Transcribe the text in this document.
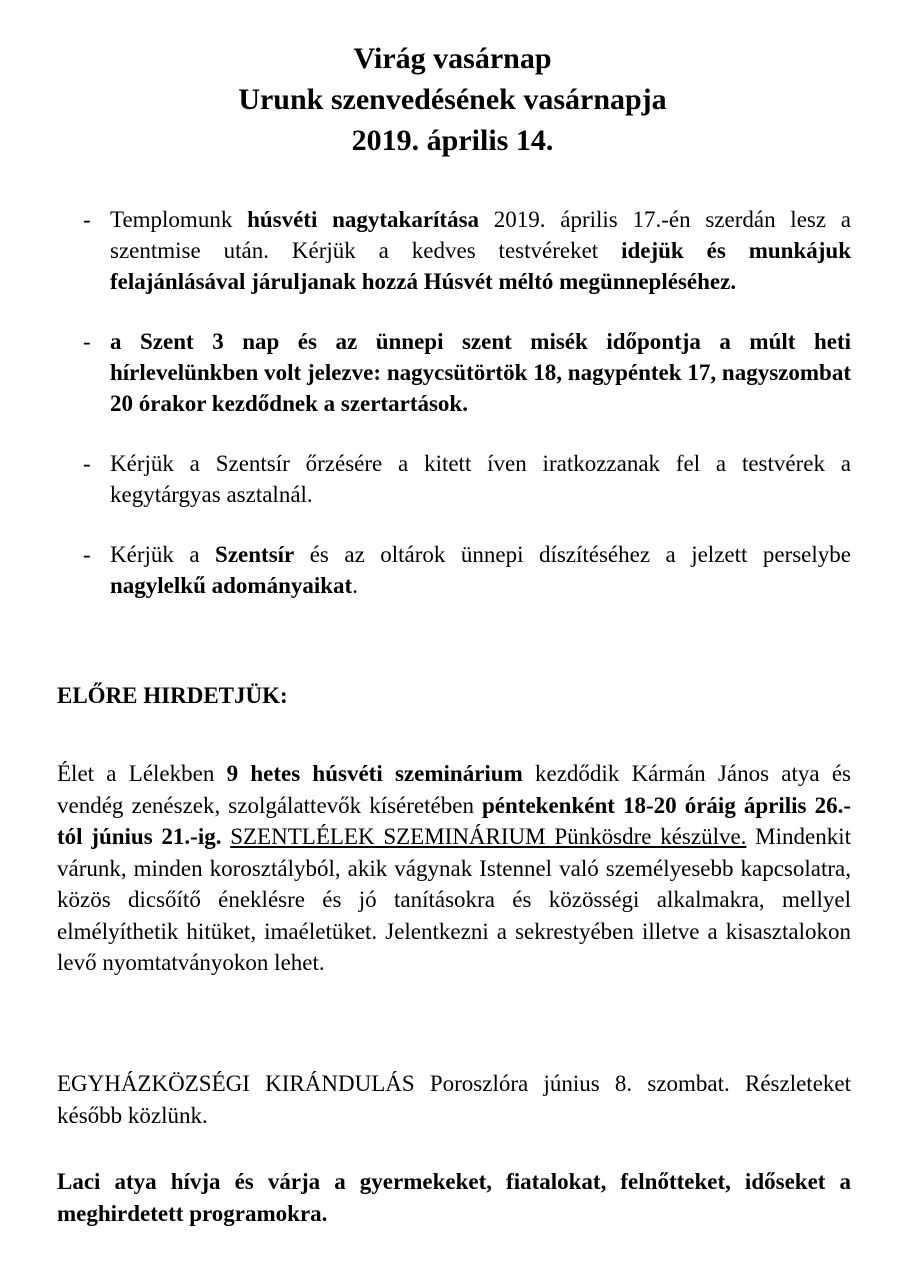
Virág vasárnap
Urunk szenvedésének vasárnapja
2019. április 14.
- Templomunk húsvéti nagytakarítása 2019. április 17.-én szerdán lesz a szentmise után. Kérjük a kedves testvéreket idejük és munkájuk felajánlásával járuljanak hozzá Húsvét méltó megünnepléséhez.
- a Szent 3 nap és az ünnepi szent misék időpontja a múlt heti hírlevelünkben volt jelezve: nagycsütörtök 18, nagypéntek 17, nagyszombat 20 órakor kezdődnek a szertartások.
- Kérjük a Szentsír őrzésére a kitett íven iratkozzanak fel a testvérek a kegytárgyas asztalnál.
- Kérjük a Szentsír és az oltárok ünnepi díszítéséhez a jelzett perselybe nagylelkű adományaikat.
ELŐRE HIRDETJÜK:

Élet a Lélekben 9 hetes húsvéti szeminárium kezdődik Kármán János atya és vendég zenészek, szolgálattevők kíséretében péntekenként 18-20 óráig április 26.-tól június 21.-ig. SZENTLÉLEK SZEMINÁRIUM Pünkösdre készülve. Mindenkit várunk, minden korosztályból, akik vágynak Istennel való személyesebb kapcsolatra, közös dicsőítő éneklésre és jó tanításokra és közösségi alkalmakra, mellyel elmélyíthetik hitüket, imaéletüket. Jelentkezni a sekrestyében illetve a kisasztalokon levő nyomtatványokon lehet.

EGYHÁZKÖZSÉGI KIRÁNDULÁS Poroszlóra június 8. szombat. Részleteket később közlünk.

Laci atya hívja és várja a gyermekeket, fiatalokat, felnőtteket, időseket a meghirdetett programokra.
